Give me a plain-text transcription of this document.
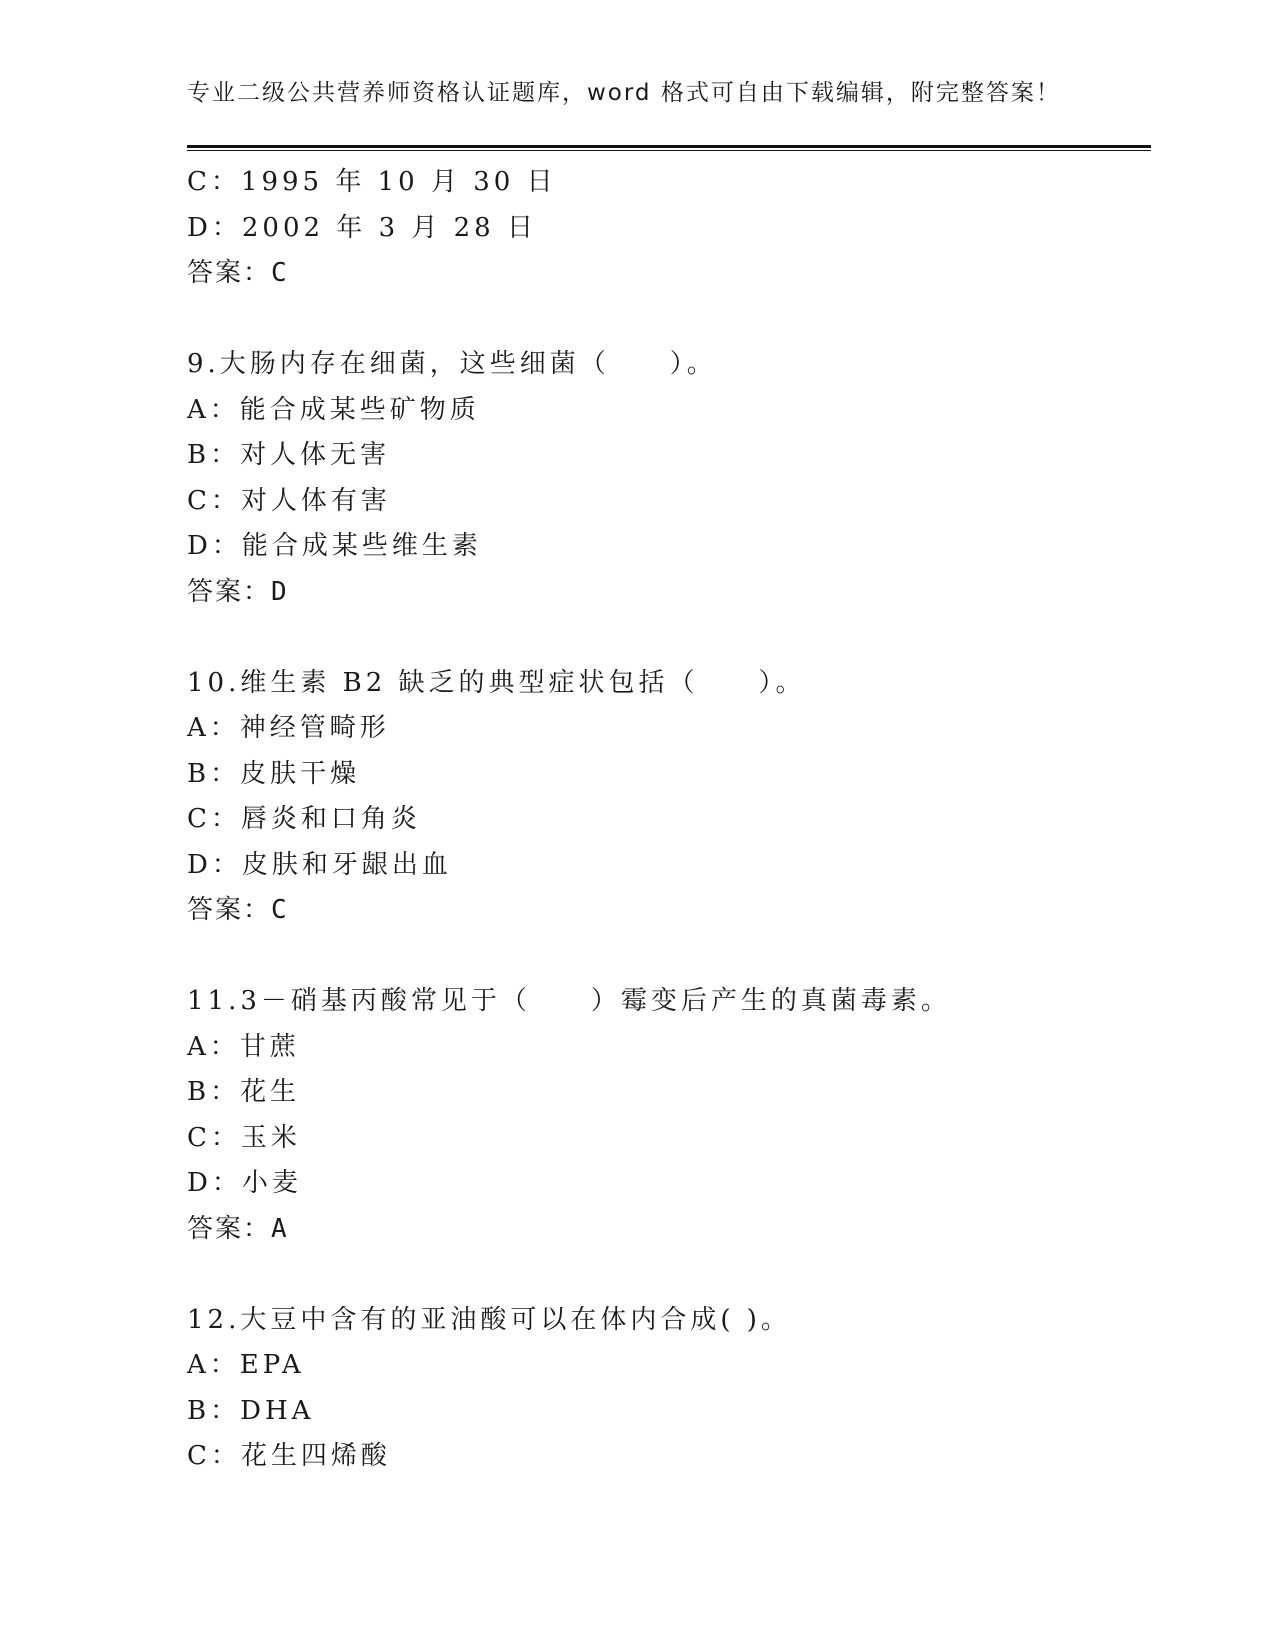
专业二级公共营养师资格认证题库，word 格式可自由下载编辑，附完整答案！
C：1995 年 10 月 30 日
D：2002 年 3 月 28 日
答案：C
9.大肠内存在细菌，这些细菌（　　）。
A：能合成某些矿物质
B：对人体无害
C：对人体有害
D：能合成某些维生素
答案：D
10.维生素 B2 缺乏的典型症状包括（　　）。
A：神经管畸形
B：皮肤干燥
C：唇炎和口角炎
D：皮肤和牙龈出血
答案：C
11.3－硝基丙酸常见于（　　）霉变后产生的真菌毒素。
A：甘蔗
B：花生
C：玉米
D：小麦
答案：A
12.大豆中含有的亚油酸可以在体内合成( )。
A：EPA
B：DHA
C：花生四烯酸
